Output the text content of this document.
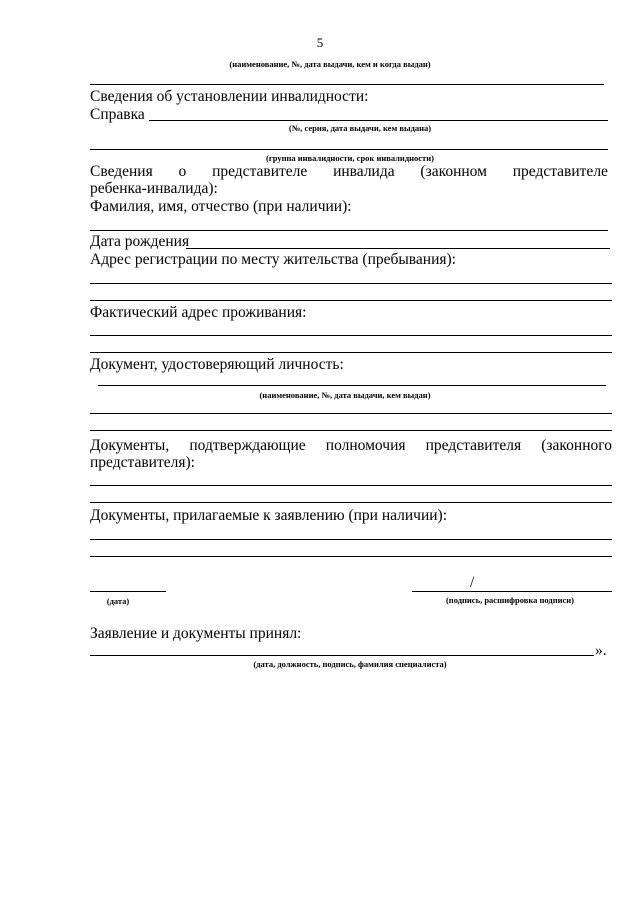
5
(наименование, №, дата выдачи, кем и когда выдан)
Сведения об установлении инвалидности:
Справка
(№, серия, дата выдачи, кем выдана)
(группа инвалидности, срок инвалидности)
Сведения о представителе инвалида (законном представителе
ребенка-инвалида):
Фамилия, имя, отчество (при наличии):
Дата рождения
Адрес регистрации по месту жительства (пребывания):
Фактический адрес проживания:
Документ, удостоверяющий личность:
(наименование, №, дата выдачи, кем выдан)
Документы, подтверждающие полномочия представителя (законного
представителя):
Документы, прилагаемые к заявлению (при наличии):
(дата)
/
(подпись, расшифровка подписи)
Заявление и документы принял:
».
(дата, должность, подпись, фамилия специалиста)
